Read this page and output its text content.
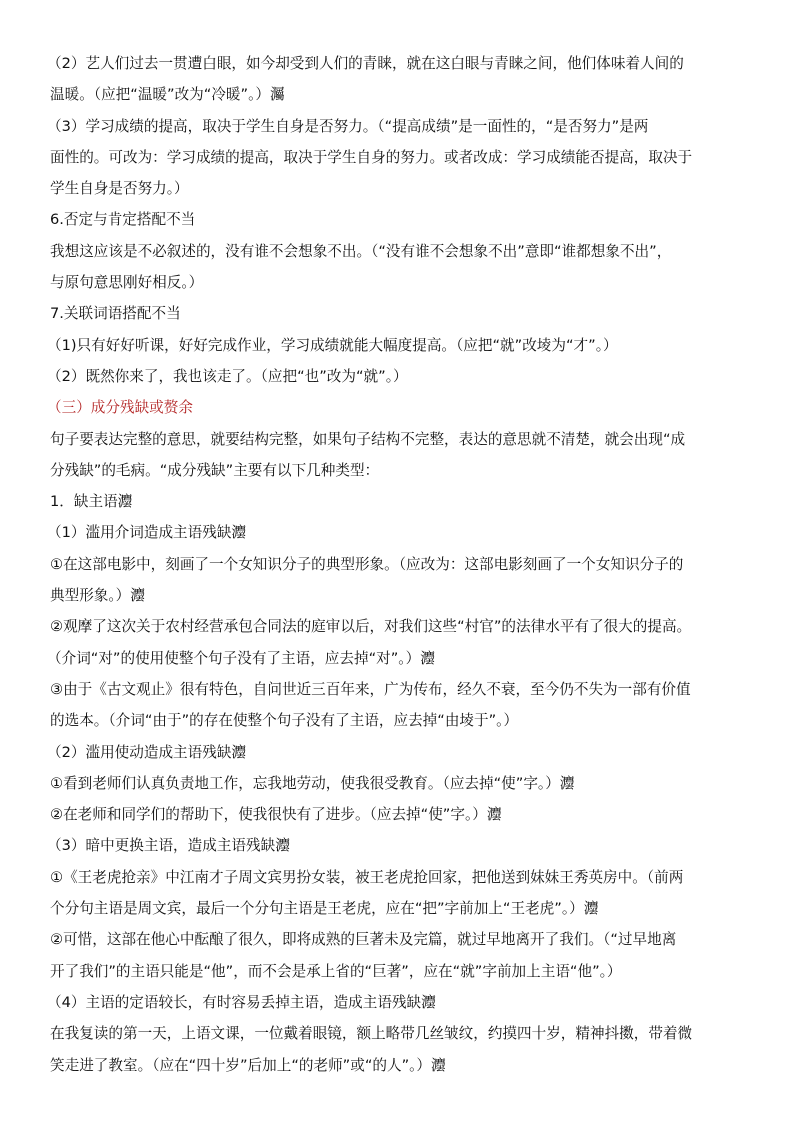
（2）艺人们过去一贯遭白眼，如今却受到人们的青睐，就在这白眼与青睐之间，他们体味着人间的
温暖。（应把“温暖”改为“冷暖”。）灟
（3）学习成绩的提高，取决于学生自身是否努力。（“提高成绩”是一面性的，“是否努力”是两
面性的。可改为：学习成绩的提高，取决于学生自身的努力。或者改成：学习成绩能否提高，取决于
学生自身是否努力。）
6.否定与肯定搭配不当
我想这应该是不必叙述的，没有谁不会想象不出。（“没有谁不会想象不出”意即“谁都想象不出”，
与原句意思刚好相反。）
7.关联词语搭配不当
（1)只有好好听课，好好完成作业，学习成绩就能大幅度提高。（应把“就”改堎为“才”。）
（2）既然你来了，我也该走了。（应把“也”改为“就”。）
（三）成分残缺或赘余
句子要表达完整的意思，就要结构完整，如果句子结构不完整，表达的意思就不清楚，就会出现“成
分残缺”的毛病。“成分残缺”主要有以下几种类型：
1．缺主语灋
（1）滥用介词造成主语残缺灋
①在这部电影中，刻画了一个女知识分子的典型形象。（应改为：这部电影刻画了一个女知识分子的
典型形象。）灋
②观摩了这次关于农村经营承包合同法的庭审以后，对我们这些“村官”的法律水平有了很大的提高。
（介词“对”的使用使整个句子没有了主语，应去掉“对”。）灋
③由于《古文观止》很有特色，自问世近三百年来，广为传布，经久不衰，至今仍不失为一部有价值
的选本。（介词“由于”的存在使整个句子没有了主语，应去掉“由堎于”。）
（2）滥用使动造成主语残缺灋
①看到老师们认真负责地工作，忘我地劳动，使我很受教育。（应去掉“使”字。）灋
②在老师和同学们的帮助下，使我很快有了进步。（应去掉“使”字。）灋
（3）暗中更换主语，造成主语残缺灋
①《王老虎抢亲》中江南才子周文宾男扮女装，被王老虎抢回家，把他送到妹妹王秀英房中。（前两
个分句主语是周文宾，最后一个分句主语是王老虎，应在“把”字前加上“王老虎”。）灋
②可惜，这部在他心中酝酿了很久，即将成熟的巨著未及完篇，就过早地离开了我们。（“过早地离
开了我们”的主语只能是“他”，而不会是承上省的“巨著”，应在“就”字前加上主语“他”。）
（4）主语的定语较长，有时容易丢掉主语，造成主语残缺灋
在我复读的第一天，上语文课，一位戴着眼镜，额上略带几丝皱纹，约摸四十岁，精神抖擞，带着微
笑走进了教室。（应在“四十岁”后加上“的老师”或“的人”。）灋
